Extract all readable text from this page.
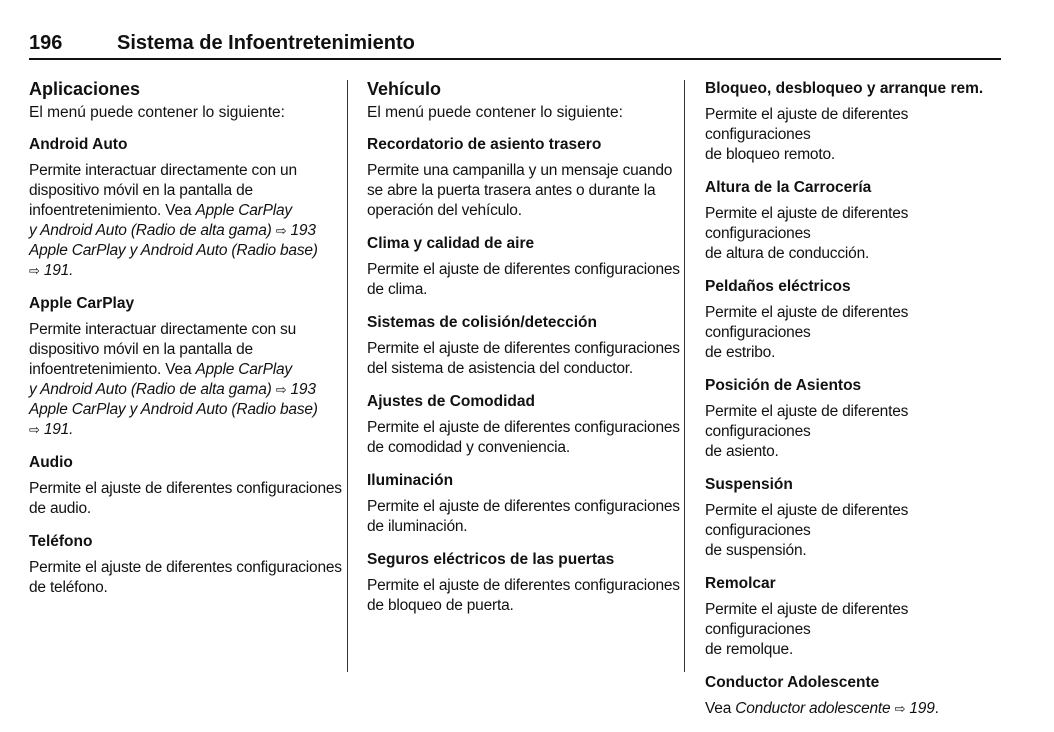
196	Sistema de Infoentretenimiento
Aplicaciones
El menú puede contener lo siguiente:
Android Auto
Permite interactuar directamente con un
dispositivo móvil en la pantalla de
infoentretenimiento. Vea Apple CarPlay
y Android Auto (Radio de alta gama) ⇨ 193
Apple CarPlay y Android Auto (Radio base)
⇨ 191.
Apple CarPlay
Permite interactuar directamente con su
dispositivo móvil en la pantalla de
infoentretenimiento. Vea Apple CarPlay
y Android Auto (Radio de alta gama) ⇨ 193
Apple CarPlay y Android Auto (Radio base)
⇨ 191.
Audio
Permite el ajuste de diferentes configuraciones
de audio.
Teléfono
Permite el ajuste de diferentes configuraciones
de teléfono.
Vehículo
El menú puede contener lo siguiente:
Recordatorio de asiento trasero
Permite una campanilla y un mensaje cuando
se abre la puerta trasera antes o durante la
operación del vehículo.
Clima y calidad de aire
Permite el ajuste de diferentes configuraciones
de clima.
Sistemas de colisión/detección
Permite el ajuste de diferentes configuraciones
del sistema de asistencia del conductor.
Ajustes de Comodidad
Permite el ajuste de diferentes configuraciones
de comodidad y conveniencia.
Iluminación
Permite el ajuste de diferentes configuraciones
de iluminación.
Seguros eléctricos de las puertas
Permite el ajuste de diferentes configuraciones
de bloqueo de puerta.
Bloqueo, desbloqueo y arranque rem.
Permite el ajuste de diferentes configuraciones
de bloqueo remoto.
Altura de la Carrocería
Permite el ajuste de diferentes configuraciones
de altura de conducción.
Peldaños eléctricos
Permite el ajuste de diferentes configuraciones
de estribo.
Posición de Asientos
Permite el ajuste de diferentes configuraciones
de asiento.
Suspensión
Permite el ajuste de diferentes configuraciones
de suspensión.
Remolcar
Permite el ajuste de diferentes configuraciones
de remolque.
Conductor Adolescente
Vea Conductor adolescente ⇨ 199.
